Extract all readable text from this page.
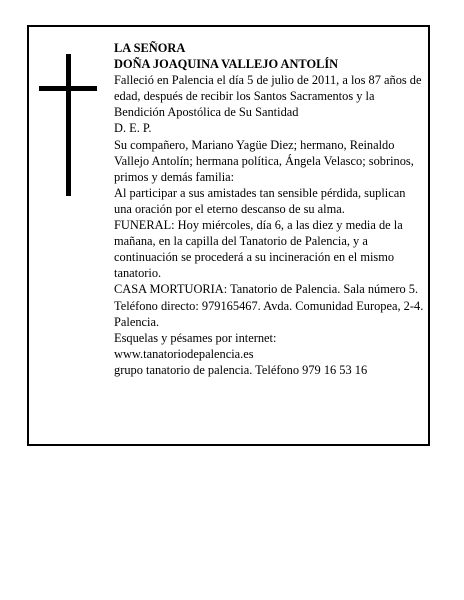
LA SEÑORA

DOÑA JOAQUINA VALLEJO ANTOLÍN

Falleció en Palencia el día 5 de julio de 2011, a los 87 años de edad, después de recibir los Santos Sacramentos y la Bendición Apostólica de Su Santidad

D. E. P.

Su compañero, Mariano Yagüe Diez; hermano, Reinaldo Vallejo Antolín; hermana política, Ángela Velasco; sobrinos, primos y demás familia:

Al participar a sus amistades tan sensible pérdida, suplican una oración por el eterno descanso de su alma.

FUNERAL: Hoy miércoles, día 6, a las diez y media de la mañana, en la capilla del Tanatorio de Palencia, y a continuación se procederá a su incineración en el mismo tanatorio.

CASA MORTUORIA: Tanatorio de Palencia. Sala número 5. Teléfono directo: 979165467. Avda. Comunidad Europea, 2-4. Palencia.

Esquelas y pésames por internet:

www.tanatoriodepalencia.es

grupo tanatorio de palencia. Teléfono 979 16 53 16
